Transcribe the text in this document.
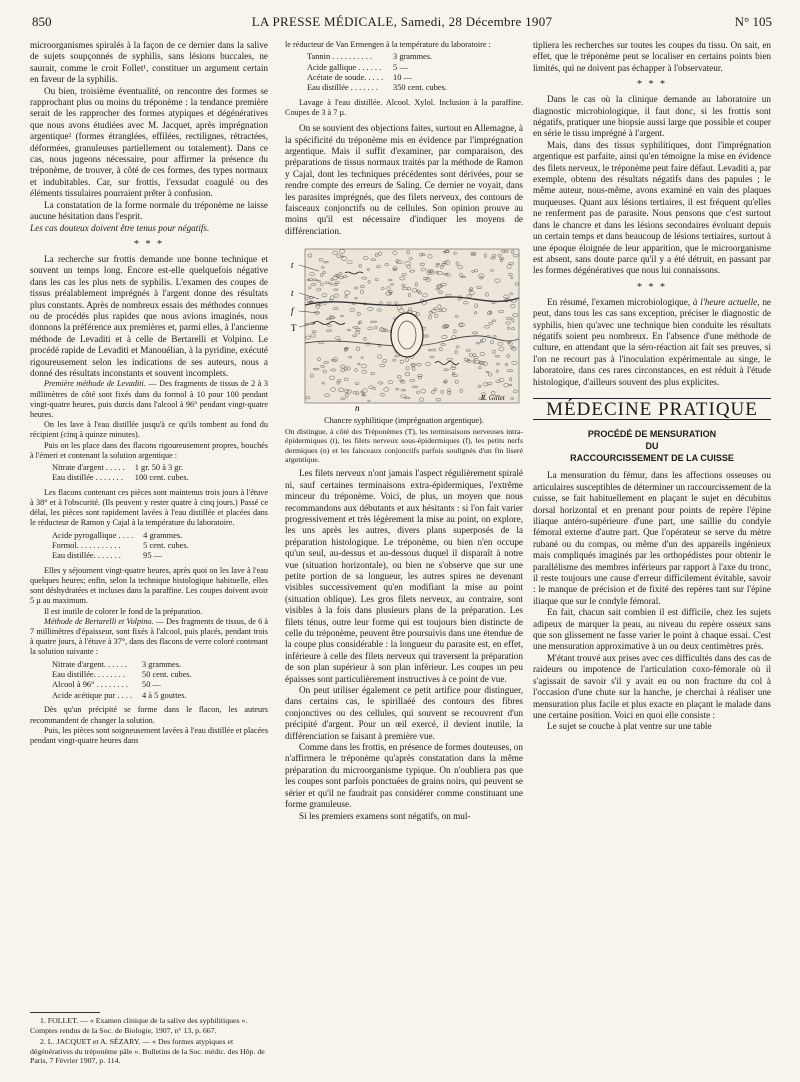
850	LA PRESSE MÉDICALE, Samedi, 28 Décembre 1907	N° 105

microorganismes spiralés à la façon de ce dernier dans la salive de sujets soupçonnés de syphilis, sans lésions buccales, ne saurait, comme le croit Follet¹, constituer un argument certain en faveur de la syphilis.

Ou bien, troisième éventualité, on rencontre des formes se rapprochant plus ou moins du tréponème : la tendance première serait de les rapprocher des formes atypiques et dégénératives que nous avons étudiées avec M. Jacquet, après imprégnation argentique² (formes étranglées, effilées, rectilignes, rétractées, déformées, granuleuses partiellement ou totalement). Dans ce cas, nous jugeons nécessaire, pour affirmer la présence du tréponème, de trouver, à côté de ces formes, des types normaux et indubitables. Car, sur frottis, l'exsudat coagulé ou des éléments tissulaires pourraient prêter à confusion.

La constatation de la forme normale du tréponème ne laisse aucune hésitation dans l'esprit.

Les cas douteux doivent être tenus pour négatifs.

* * *

La recherche sur frottis demande une bonne technique et souvent un temps long. Encore est-elle quelquefois négative dans les cas les plus nets de syphilis. L'examen des coupes de tissus préalablement imprégnés à l'argent donne des résultats plus constants. Après de nombreux essais des méthodes connues ou de procédés plus rapides que nous avions imaginés, nous donnons la préférence aux premières et, parmi elles, à l'ancienne méthode de Levaditi et à celle de Bertarelli et Volpino. Le procédé rapide de Levaditi et Manouélian, à la pyridine, exécuté rigoureusement selon les indications de ses auteurs, nous a donné des résultats inconstants et souvent incomplets.

Première méthode de Levaditi. — Des fragments de tissus de 2 à 3 millimètres de côté sont fixés dans du formol à 10 pour 100 pendant vingt-quatre heures, puis durcis dans l'alcool à 96° pendant vingt-quatre heures.

On les lave à l'eau distillée jusqu'à ce qu'ils tombent au fond du récipient (cinq à quinze minutes).

Puis on les place dans des flacons rigoureusement propres, bouchés à l'émeri et contenant la solution argentique :

Nitrate d'argent . . . . .	1 gr. 50 à 3 gr.
Eau distillée . . . . . . .	100 cent. cubes.

Les flacons contenant ces pièces sont maintenus trois jours à l'étuve à 38° et à l'obscurité. (Ils peuvent y rester quatre à cinq jours.) Passé ce délai, les pièces sont rapidement lavées à l'eau distillée et placées dans le réducteur de Ramon y Cajal à la température du laboratoire.

Acide pyrogallique . . . .	4 grammes.
Formol. . . . . . . . . . .	5 cent. cubes.
Eau distillée. . . . . . .	95 —

Elles y séjournent vingt-quatre heures, après quoi on les lave à l'eau quelques heures; enfin, selon la technique histologique habituelle, elles sont déshydratées et incluses dans la paraffine. Les coupes doivent avoir 5 µ au maximum.

Il est inutile de colorer le fond de la préparation.

Méthode de Bertarelli et Volpino. — Des fragments de tissus, de 6 à 7 millimètres d'épaisseur, sont fixés à l'alcool, puis placés, pendant trois à quatre jours, à l'étuve à 37°, dans des flacons de verre coloré contenant la solution suivante :

Nitrate d'argent. . . . . .	3 grammes.
Eau distillée. . . . . . . .	50 cent. cubes.
Alcool à 96° . . . . . . . .	50 —
Acide acétique pur . . . .	4 à 5 gouttes.

Dès qu'un précipité se forme dans le flacon, les auteurs recommandent de changer la solution.

Puis, les pièces sont soigneusement lavées à l'eau distillée et placées pendant vingt-quatre heures dans

1. FOLLET. — « Examen clinique de la salive des syphilitiques ». Comptes rendus de la Soc. de Biologie, 1907, n° 13, p. 667.

2. L. JACQUET et A. SÉZARY. — « Des formes atypiques et dégénératives du tréponème pâle ». Bulletins de la Soc. médic. des Hôp. de Paris, 7 Février 1907, p. 114.

le réducteur de Van Ermengen à la température du laboratoire :

Tannin . . . . . . . . . .	3 grammes.
Acide gallique . . . . . .	5 —
Acétate de soude. . . . .	10 —
Eau distillée . . . . . . .	350 cent. cubes.

Lavage à l'eau distillée. Alcool. Xylol. Inclusion à la paraffine. Coupes de 3 à 7 µ.

On se souvient des objections faites, surtout en Allemagne, à la spécificité du tréponème mis en évidence par l'imprégnation argentique. Mais il suffit d'examiner, par comparaison, des préparations de tissus normaux traités par la méthode de Ramon y Cajal, dont les techniques précédentes sont dérivées, pour se rendre compte des erreurs de Saling. Ce dernier ne voyait, dans les parasites imprégnés, que des filets nerveux, des contours de faisceaux conjonctifs ou de cellules. Son opinion prouve au moins qu'il est nécessaire d'indiquer les moyens de différenciation.

t
t
f
T
n
R. Gillet
Chancre syphilitique (imprégnation argentique).
On distingue, à côté des Tréponèmes (T), les terminaisons nerveuses intra-épidermiques (t), les filets nerveux sous-épidermiques (f), les petits nerfs dermiques (n) et les faisceaux conjonctifs parfois soulignés d'un fin liseré argentique.

Les filets nerveux n'ont jamais l'aspect régulièrement spiralé ni, sauf certaines terminaisons extra-épidermiques, l'extrême minceur du tréponème. Voici, de plus, un moyen que nous recommandons aux débutants et aux hésitants : si l'on fait varier progressivement et très légèrement la mise au point, on explore, les uns après les autres, divers plans superposés de la préparation histologique. Le tréponème, ou bien n'en occupe qu'un seul, au-dessus et au-dessous duquel il disparaît à notre vue (situation horizontale), ou bien ne s'observe que sur une petite portion de sa longueur, les autres spires ne devenant visibles successivement qu'en modifiant la mise au point (situation oblique). Les gros filets nerveux, au contraire, sont visibles à la fois dans plusieurs plans de la préparation. Les filets ténus, outre leur forme qui est toujours bien distincte de celle du tréponème, peuvent être poursuivis dans une étendue de la coupe plus considérable : la longueur du parasite est, en effet, inférieure à celle des filets nerveux qui traversent la préparation de son plan supérieur à son plan inférieur. Les coupes un peu épaisses sont particulièrement instructives à ce point de vue.

On peut utiliser également ce petit artifice pour distinguer, dans certains cas, le spirillaéé des contours des fibres conjonctives ou des cellules, qui souvent se recouvrent d'un précipité d'argent. Pour un œil exercé, il devient inutile, la différenciation se faisant à première vue.

Comme dans les frottis, en présence de formes douteuses, on n'affirmera le tréponème qu'après constatation dans la même préparation du microorganisme typique. On n'oubliera pas que les coupes sont parfois ponctuées de grains noirs, qui peuvent se sérier et qu'il ne faudrait pas considérer comme constituant une forme granuleuse.

Si les premiers examens sont négatifs, on mul-

tipliera les recherches sur toutes les coupes du tissu. On sait, en effet, que le tréponème peut se localiser en certains points bien limités, qui ne doivent pas échapper à l'observateur.

* * *

Dans le cas où la clinique demande au laboratoire un diagnostic microbiologique, il faut donc, si les frottis sont négatifs, pratiquer une biopsie aussi large que possible et couper en série le tissu imprégné à l'argent.

Mais, dans des tissus syphilitiques, dont l'imprégnation argentique est parfaite, ainsi qu'en témoigne la mise en évidence des filets nerveux, le tréponème peut faire défaut. Levaditi a, par exemple, obtenu des résultats négatifs dans des papules ; le même auteur, nous-même, avons examiné en vain des plaques muqueuses. Quant aux lésions tertiaires, il est fréquent qu'elles ne renferment pas de parasite. Nous pensons que c'est surtout dans le chancre et dans les lésions secondaires évoluant depuis un certain temps et dans beaucoup de lésions tertiaires, surtout à une époque éloignée de leur apparition, que le microorganisme est absent, sans doute parce qu'il y a été détruit, en passant par les formes dégénératives que nous lui connaissons.

* * *

En résumé, l'examen microbiologique, à l'heure actuelle, ne peut, dans tous les cas sans exception, préciser le diagnostic de syphilis, bien qu'avec une technique bien conduite les résultats négatifs soient peu nombreux. En l'absence d'une méthode de culture, en attendant que la séro-réaction ait fait ses preuves, si l'on ne recourt pas à l'inoculation expérimentale au singe, le laboratoire, dans ces rares circonstances, en est réduit à l'étude histologique, d'ailleurs souvent des plus explicites.

MÉDECINE PRATIQUE
PROCÉDÉ DE MENSURATION
DU
RACCOURCISSEMENT DE LA CUISSE

La mensuration du fémur, dans les affections osseuses ou articulaires susceptibles de déterminer un raccourcissement de la cuisse, se fait habituellement en plaçant le sujet en décubitus dorsal horizontal et en prenant pour points de repère l'épine iliaque antéro-supérieure d'une part, une saillie du condyle fémoral externe d'autre part. Que l'opérateur se serve du mètre rubané ou du compas, ou même d'un des appareils ingénieux mais compliqués imaginés par les orthopédistes pour obtenir le parallélisme des membres inférieurs par rapport à l'axe du tronc, il reste toujours une cause d'erreur difficilement évitable, savoir : le manque de précision et de fixité des repères tant sur l'épine iliaque que sur le condyle fémoral.

En fait, chacun sait combien il est difficile, chez les sujets adipeux de marquer la peau, au niveau du repère osseux sans que son glissement ne fasse varier le point à chaque essai. C'est une mensuration approximative à un ou deux centimètres près.

M'étant trouvé aux prises avec ces difficultés dans des cas de raideurs ou impotence de l'articulation coxo-fémorale où il s'agissait de savoir s'il y avait eu ou non fracture du col à l'occasion d'une chute sur la hanche, je cherchai à réaliser une mensuration plus facile et plus exacte en plaçant le malade dans une certaine position. Voici en quoi elle consiste :

Le sujet se couche à plat ventre sur une table
